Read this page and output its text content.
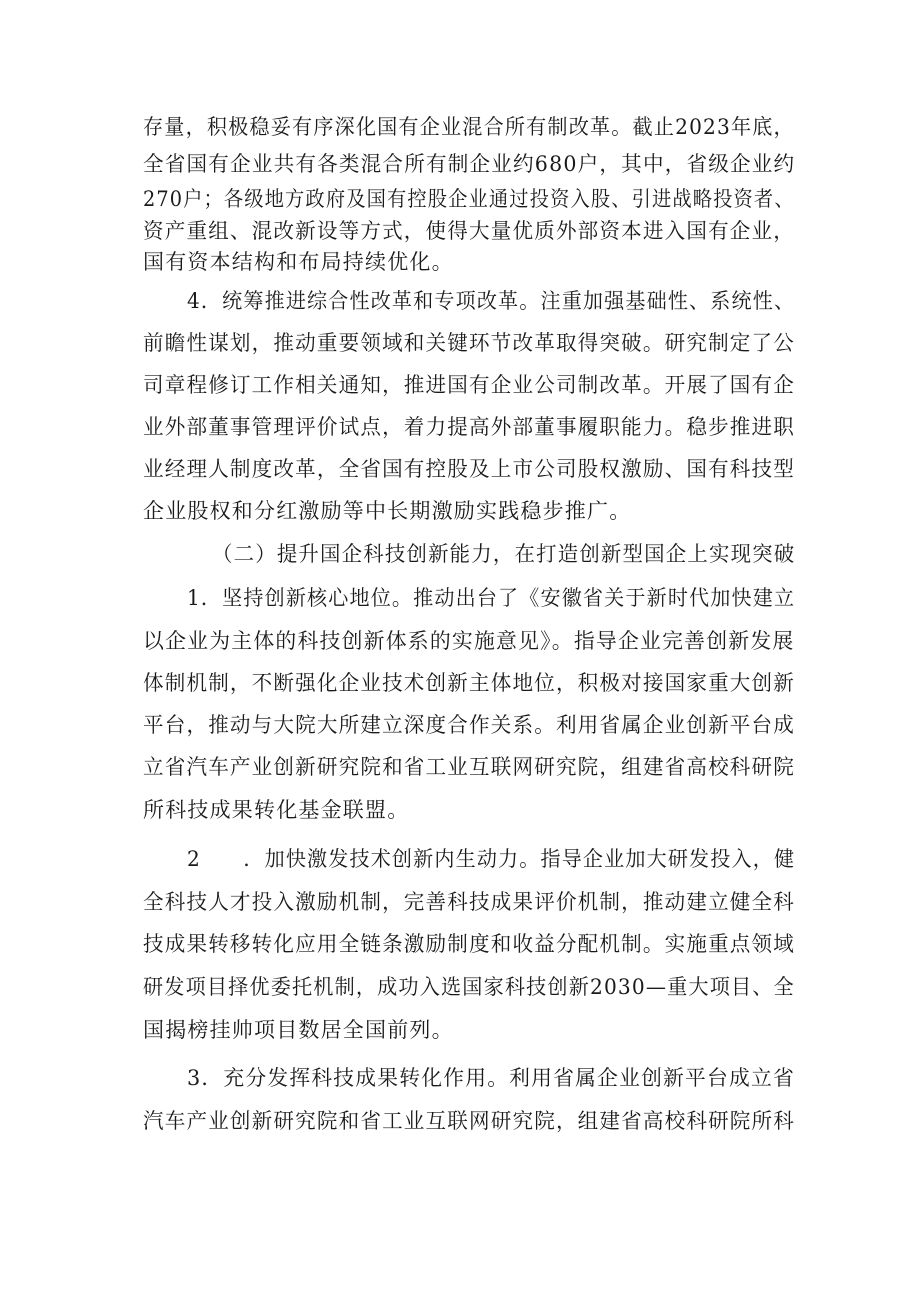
存量，积极稳妥有序深化国有企业混合所有制改革。截止2023年底，
全省国有企业共有各类混合所有制企业约680户，其中，省级企业约
270户；各级地方政府及国有控股企业通过投资入股、引进战略投资者、
资产重组、混改新设等方式，使得大量优质外部资本进入国有企业，
国有资本结构和布局持续优化。
4．统筹推进综合性改革和专项改革。注重加强基础性、系统性、
前瞻性谋划，推动重要领域和关键环节改革取得突破。研究制定了公
司章程修订工作相关通知，推进国有企业公司制改革。开展了国有企
业外部董事管理评价试点，着力提高外部董事履职能力。稳步推进职
业经理人制度改革，全省国有控股及上市公司股权激励、国有科技型
企业股权和分红激励等中长期激励实践稳步推广。
（二）提升国企科技创新能力，在打造创新型国企上实现突破
1．坚持创新核心地位。推动出台了《安徽省关于新时代加快建立
以企业为主体的科技创新体系的实施意见》。指导企业完善创新发展
体制机制，不断强化企业技术创新主体地位，积极对接国家重大创新
平台，推动与大院大所建立深度合作关系。利用省属企业创新平台成
立省汽车产业创新研究院和省工业互联网研究院，组建省高校科研院
所科技成果转化基金联盟。
2　　．加快激发技术创新内生动力。指导企业加大研发投入，健
全科技人才投入激励机制，完善科技成果评价机制，推动建立健全科
技成果转移转化应用全链条激励制度和收益分配机制。实施重点领域
研发项目择优委托机制，成功入选国家科技创新2030—重大项目、全
国揭榜挂帅项目数居全国前列。
3．充分发挥科技成果转化作用。利用省属企业创新平台成立省
汽车产业创新研究院和省工业互联网研究院，组建省高校科研院所科
